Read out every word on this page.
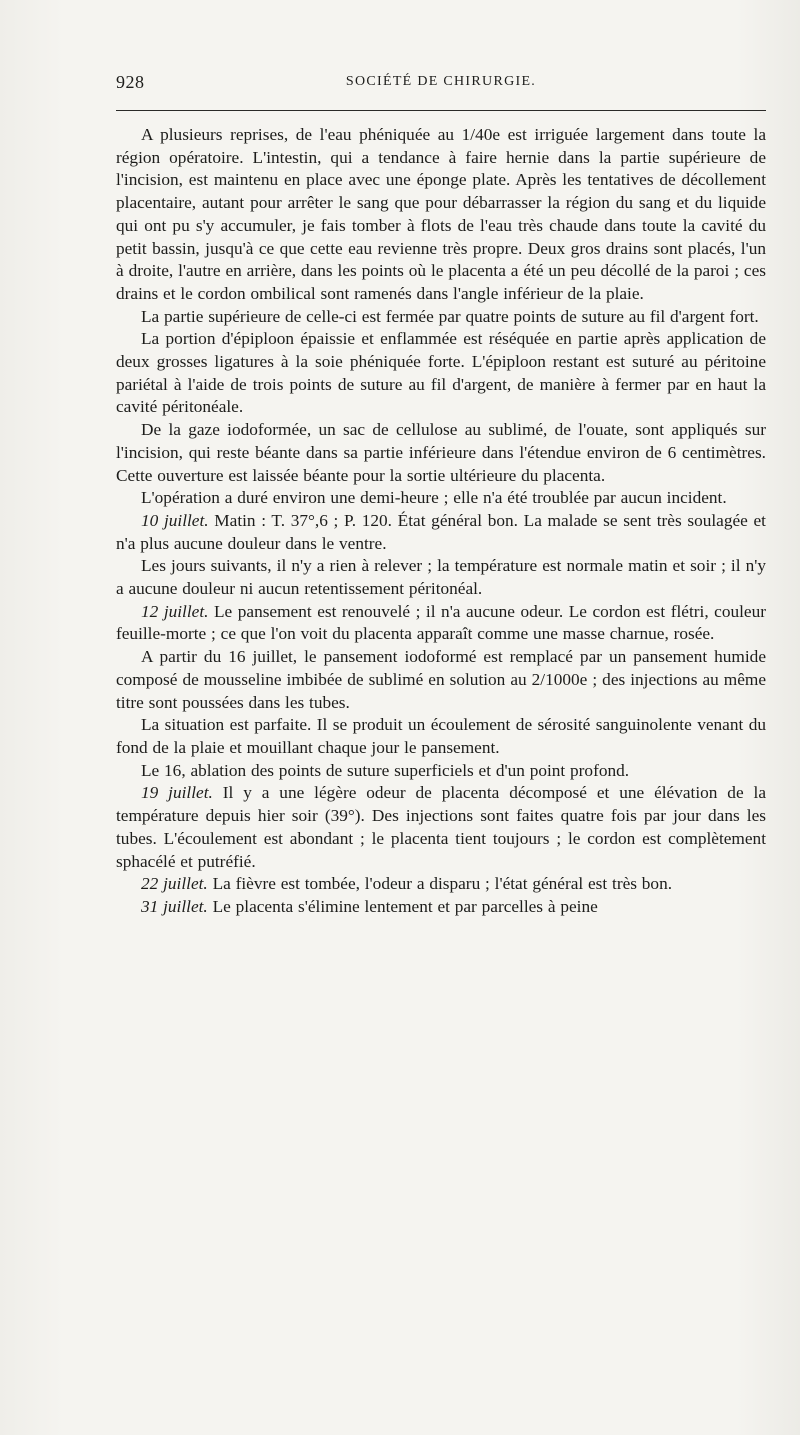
928	SOCIÉTÉ DE CHIRURGIE.

A plusieurs reprises, de l'eau phéniquée au 1/40e est irriguée largement dans toute la région opératoire. L'intestin, qui a tendance à faire hernie dans la partie supérieure de l'incision, est maintenu en place avec une éponge plate. Après les tentatives de décollement placentaire, autant pour arrêter le sang que pour débarrasser la région du sang et du liquide qui ont pu s'y accumuler, je fais tomber à flots de l'eau très chaude dans toute la cavité du petit bassin, jusqu'à ce que cette eau revienne très propre. Deux gros drains sont placés, l'un à droite, l'autre en arrière, dans les points où le placenta a été un peu décollé de la paroi ; ces drains et le cordon ombilical sont ramenés dans l'angle inférieur de la plaie.

La partie supérieure de celle-ci est fermée par quatre points de suture au fil d'argent fort.

La portion d'épiploon épaissie et enflammée est réséquée en partie après application de deux grosses ligatures à la soie phéniquée forte. L'épiploon restant est suturé au péritoine pariétal à l'aide de trois points de suture au fil d'argent, de manière à fermer par en haut la cavité péritonéale.

De la gaze iodoformée, un sac de cellulose au sublimé, de l'ouate, sont appliqués sur l'incision, qui reste béante dans sa partie inférieure dans l'étendue environ de 6 centimètres. Cette ouverture est laissée béante pour la sortie ultérieure du placenta.

L'opération a duré environ une demi-heure ; elle n'a été troublée par aucun incident.

10 juillet. Matin : T. 37°,6 ; P. 120. État général bon. La malade se sent très soulagée et n'a plus aucune douleur dans le ventre.

Les jours suivants, il n'y a rien à relever ; la température est normale matin et soir ; il n'y a aucune douleur ni aucun retentissement péritonéal.

12 juillet. Le pansement est renouvelé ; il n'a aucune odeur. Le cordon est flétri, couleur feuille-morte ; ce que l'on voit du placenta apparaît comme une masse charnue, rosée.

A partir du 16 juillet, le pansement iodoformé est remplacé par un pansement humide composé de mousseline imbibée de sublimé en solution au 2/1000e ; des injections au même titre sont poussées dans les tubes.

La situation est parfaite. Il se produit un écoulement de sérosité sanguinolente venant du fond de la plaie et mouillant chaque jour le pansement.

Le 16, ablation des points de suture superficiels et d'un point profond.

19 juillet. Il y a une légère odeur de placenta décomposé et une élévation de la température depuis hier soir (39°). Des injections sont faites quatre fois par jour dans les tubes. L'écoulement est abondant ; le placenta tient toujours ; le cordon est complètement sphacélé et putréfié.

22 juillet. La fièvre est tombée, l'odeur a disparu ; l'état général est très bon.

31 juillet. Le placenta s'élimine lentement et par parcelles à peine
